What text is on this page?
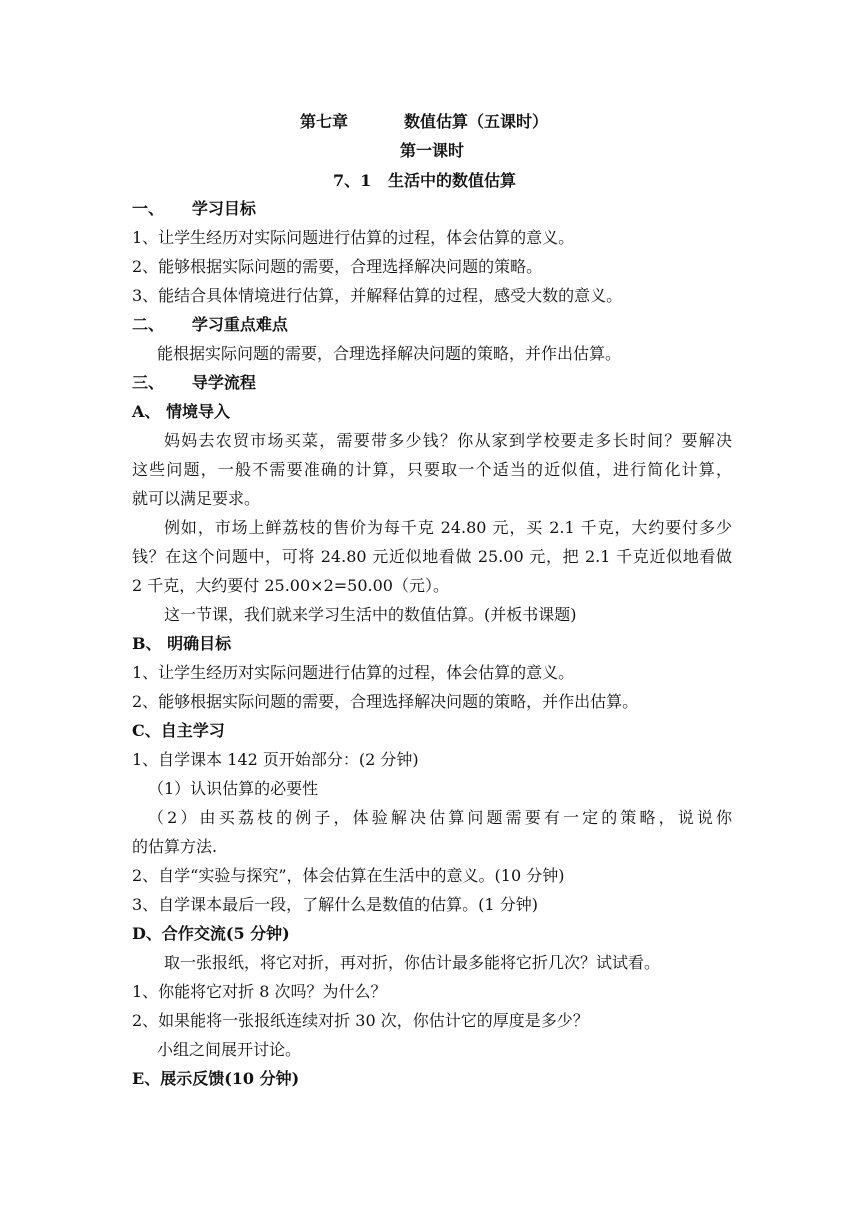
第七章	数值估算（五课时）
第一课时
7、1   生活中的数值估算
一、     学习目标
1、让学生经历对实际问题进行估算的过程，体会估算的意义。
2、能够根据实际问题的需要，合理选择解决问题的策略。
3、能结合具体情境进行估算，并解释估算的过程，感受大数的意义。
二、     学习重点难点
能根据实际问题的需要，合理选择解决问题的策略，并作出估算。
三、     导学流程
A、 情境导入
妈妈去农贸市场买菜，需要带多少钱？你从家到学校要走多长时间？要解决
这些问题，一般不需要准确的计算，只要取一个适当的近似值，进行简化计算，
就可以满足要求。
例如，市场上鲜荔枝的售价为每千克 24.80 元，买 2.1 千克，大约要付多少
钱？在这个问题中，可将 24.80 元近似地看做 25.00 元，把 2.1 千克近似地看做
2 千克，大约要付 25.00×2=50.00（元）。
这一节课，我们就来学习生活中的数值估算。(并板书课题)
B、 明确目标
1、让学生经历对实际问题进行估算的过程，体会估算的意义。
2、能够根据实际问题的需要，合理选择解决问题的策略，并作出估算。
C、自主学习
1、自学课本 142 页开始部分：(2 分钟)
（1）认识估算的必要性
（2）由买荔枝的例子，体验解决估算问题需要有一定的策略，说说你
的估算方法.
2、自学“实验与探究”，体会估算在生活中的意义。(10 分钟)
3、自学课本最后一段，了解什么是数值的估算。(1 分钟)
D、合作交流(5 分钟)
取一张报纸，将它对折，再对折，你估计最多能将它折几次？试试看。
1、你能将它对折 8 次吗？为什么？
2、如果能将一张报纸连续对折 30 次，你估计它的厚度是多少？
小组之间展开讨论。
E、展示反馈(10 分钟)
